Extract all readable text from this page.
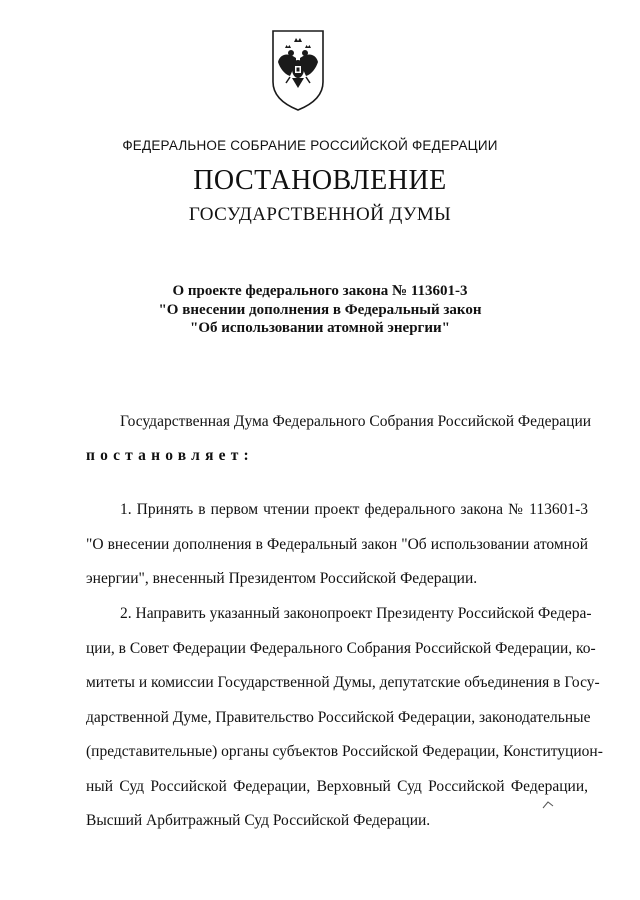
ФЕДЕРАЛЬНОЕ СОБРАНИЕ РОССИЙСКОЙ ФЕДЕРАЦИИ
ПОСТАНОВЛЕНИЕ
ГОСУДАРСТВЕННОЙ ДУМЫ
О проекте федерального закона № 113601-3
"О внесении дополнения в Федеральный закон
"Об использовании атомной энергии"
Государственная Дума Федерального Собрания Российской Федерации
постановляет:
1. Принять в первом чтении проект федерального закона № 113601-3
"О внесении дополнения в Федеральный закон "Об использовании атомной
энергии", внесенный Президентом Российской Федерации.
2. Направить указанный законопроект Президенту Российской Федера-
ции, в Совет Федерации Федерального Собрания Российской Федерации, ко-
митеты и комиссии Государственной Думы, депутатские объединения в Госу-
дарственной Думе, Правительство Российской Федерации, законодательные
(представительные) органы субъектов Российской Федерации, Конституцион-
ный Суд Российской Федерации, Верховный Суд Российской Федерации,
Высший Арбитражный Суд Российской Федерации.
